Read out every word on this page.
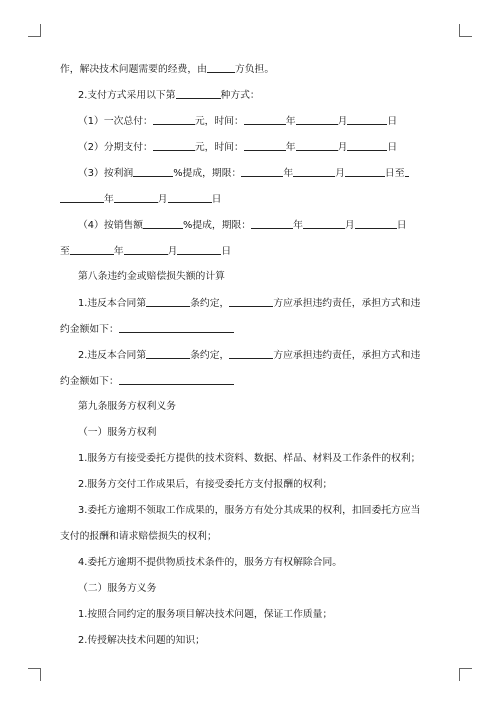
作，解决技术问题需要的经费，由	方负担。
2.支付方式采用以下第	种方式：
（1）一次总付：	元，时间：	年	月	日
（2）分期支付：	元，时间：	年	月	日
（3）按利润	%提成，期限：	年	月	日至
年	月	日
（4）按销售额	%提成，期限：	年	月	日
至	年	月	日
第八条违约金或赔偿损失额的计算
1.违反本合同第	条约定，	方应承担违约责任，承担方式和违
约金额如下：
2.违反本合同第	条约定，	方应承担违约责任，承担方式和违
约金额如下：
第九条服务方权利义务
（一）服务方权利
1.服务方有接受委托方提供的技术资料、数据、样品、材料及工作条件的权利；
2.服务方交付工作成果后，有接受委托方支付报酬的权利；
3.委托方逾期不领取工作成果的，服务方有处分其成果的权利，扣回委托方应当
支付的报酬和请求赔偿损失的权利；
4.委托方逾期不提供物质技术条件的，服务方有权解除合同。
（二）服务方义务
1.按照合同约定的服务项目解决技术问题，保证工作质量；
2.传授解决技术问题的知识；
